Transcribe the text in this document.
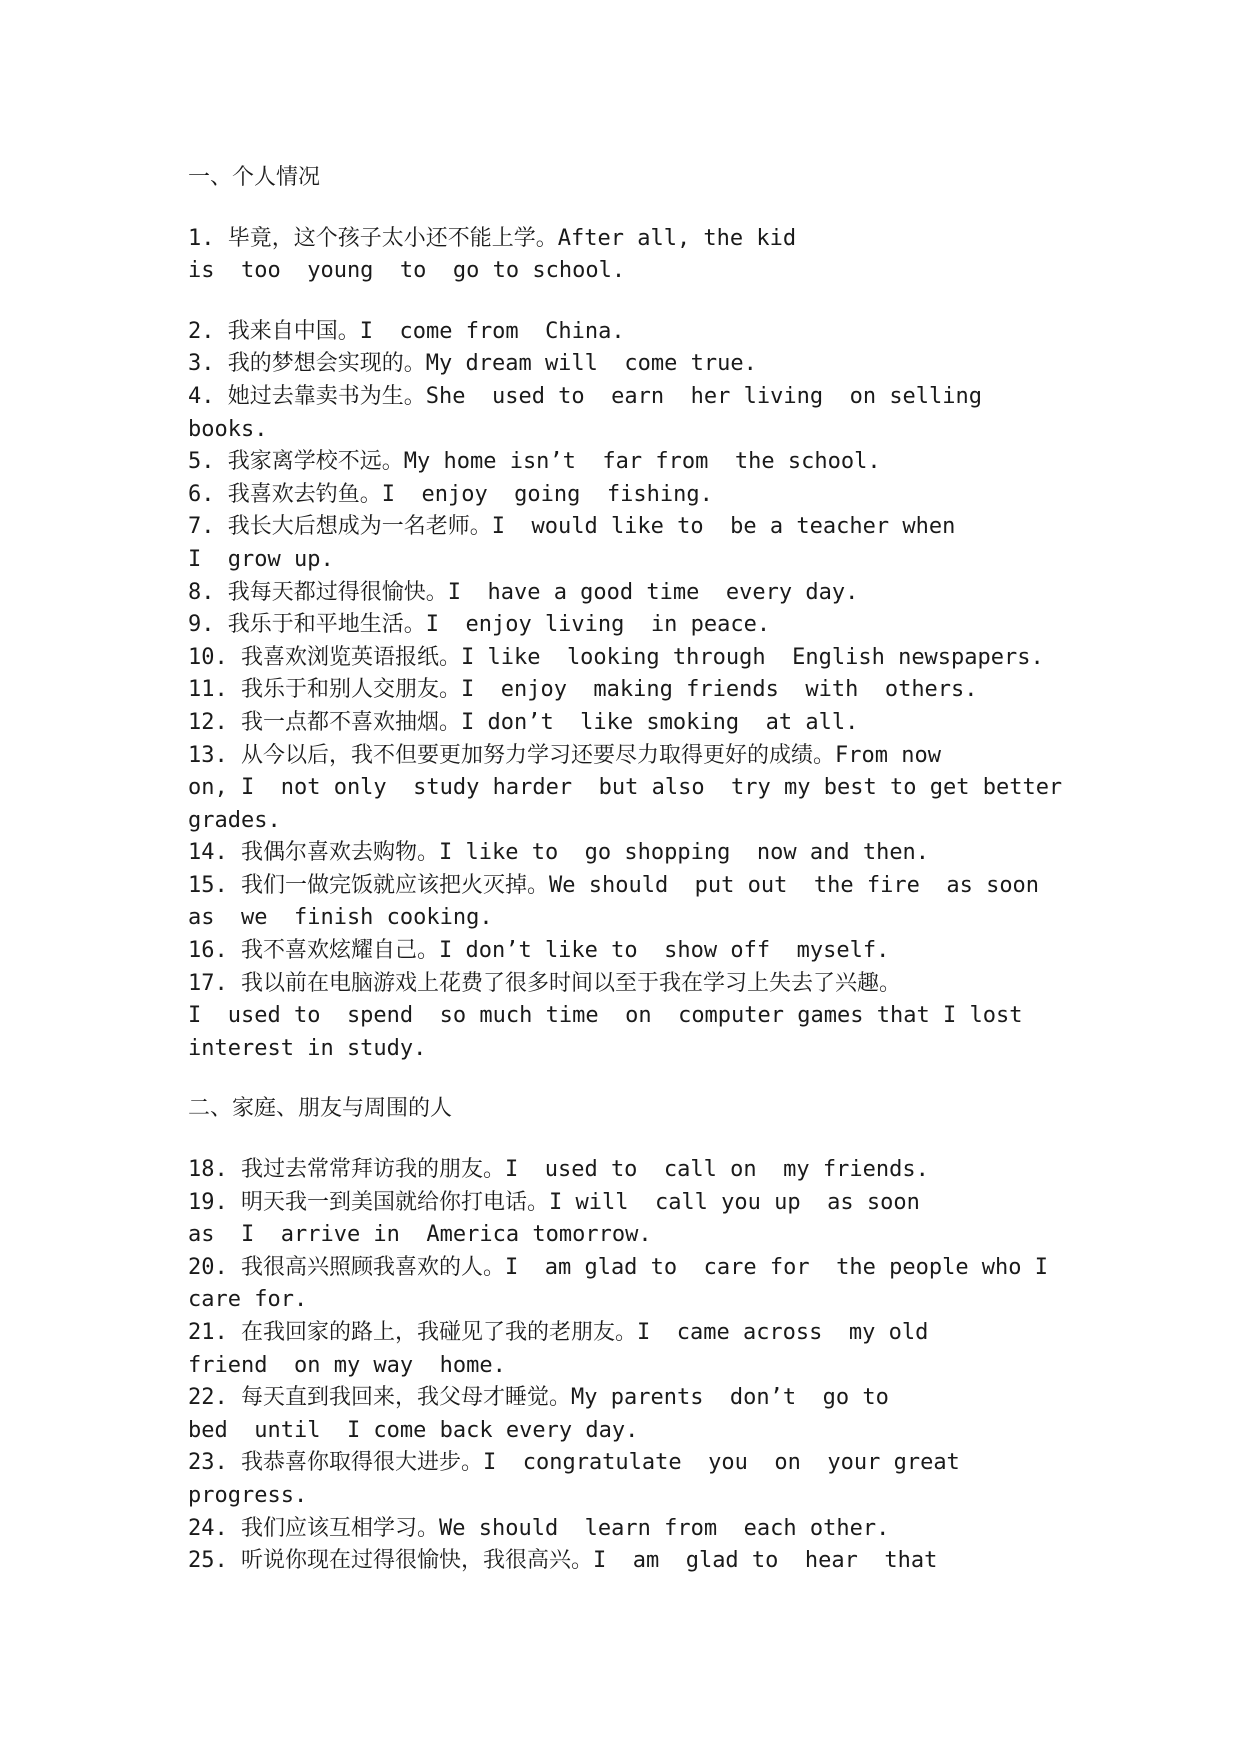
一、个人情况
1. 毕竟，这个孩子太小还不能上学。After all, the kid
is  too  young  to  go to school.
2. 我来自中国。I  come from  China.
3. 我的梦想会实现的。My dream will  come true.
4. 她过去靠卖书为生。She  used to  earn  her living  on selling
books.
5. 我家离学校不远。My home isn’t  far from  the school.
6. 我喜欢去钓鱼。I  enjoy  going  fishing.
7. 我长大后想成为一名老师。I  would like to  be a teacher when
I  grow up.
8. 我每天都过得很愉快。I  have a good time  every day.
9. 我乐于和平地生活。I  enjoy living  in peace.
10. 我喜欢浏览英语报纸。I like  looking through  English newspapers.
11. 我乐于和别人交朋友。I  enjoy  making friends  with  others.
12. 我一点都不喜欢抽烟。I don’t  like smoking  at all.
13. 从今以后，我不但要更加努力学习还要尽力取得更好的成绩。From now
on, I  not only  study harder  but also  try my best to get better
grades.
14. 我偶尔喜欢去购物。I like to  go shopping  now and then.
15. 我们一做完饭就应该把火灭掉。We should  put out  the fire  as soon
as  we  finish cooking.
16. 我不喜欢炫耀自己。I don’t like to  show off  myself.
17. 我以前在电脑游戏上花费了很多时间以至于我在学习上失去了兴趣。
I  used to  spend  so much time  on  computer games that I lost
interest in study.
二、家庭、朋友与周围的人
18. 我过去常常拜访我的朋友。I  used to  call on  my friends.
19. 明天我一到美国就给你打电话。I will  call you up  as soon
as  I  arrive in  America tomorrow.
20. 我很高兴照顾我喜欢的人。I  am glad to  care for  the people who I
care for.
21. 在我回家的路上，我碰见了我的老朋友。I  came across  my old
friend  on my way  home.
22. 每天直到我回来，我父母才睡觉。My parents  don’t  go to
bed  until  I come back every day.
23. 我恭喜你取得很大进步。I  congratulate  you  on  your great
progress.
24. 我们应该互相学习。We should  learn from  each other.
25. 听说你现在过得很愉快，我很高兴。I  am  glad to  hear  that
